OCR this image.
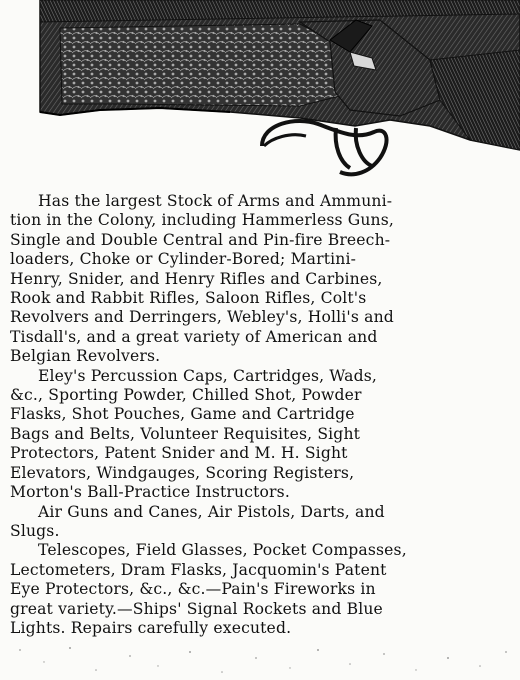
Has the largest Stock of Arms and Ammuni-
tion in the Colony, including Hammerless Guns,
Single and Double Central and Pin-fire Breech-
loaders, Choke or Cylinder-Bored; Martini-
Henry, Snider, and Henry Rifles and Carbines,
Rook and Rabbit Rifles, Saloon Rifles, Colt's
Revolvers and Derringers, Webley's, Holli's and
Tisdall's, and a great variety of American and
Belgian Revolvers.

Eley's Percussion Caps, Cartridges, Wads,
&c., Sporting Powder, Chilled Shot, Powder
Flasks, Shot Pouches, Game and Cartridge
Bags and Belts, Volunteer Requisites, Sight
Protectors, Patent Snider and M. H. Sight
Elevators, Windgauges, Scoring Registers,
Morton's Ball-Practice Instructors.

Air Guns and Canes, Air Pistols, Darts, and
Slugs.

Telescopes, Field Glasses, Pocket Compasses,
Lectometers, Dram Flasks, Jacquomin's Patent
Eye Protectors, &c., &c.—Pain's Fireworks in
great variety.—Ships' Signal Rockets and Blue
Lights. Repairs carefully executed.
